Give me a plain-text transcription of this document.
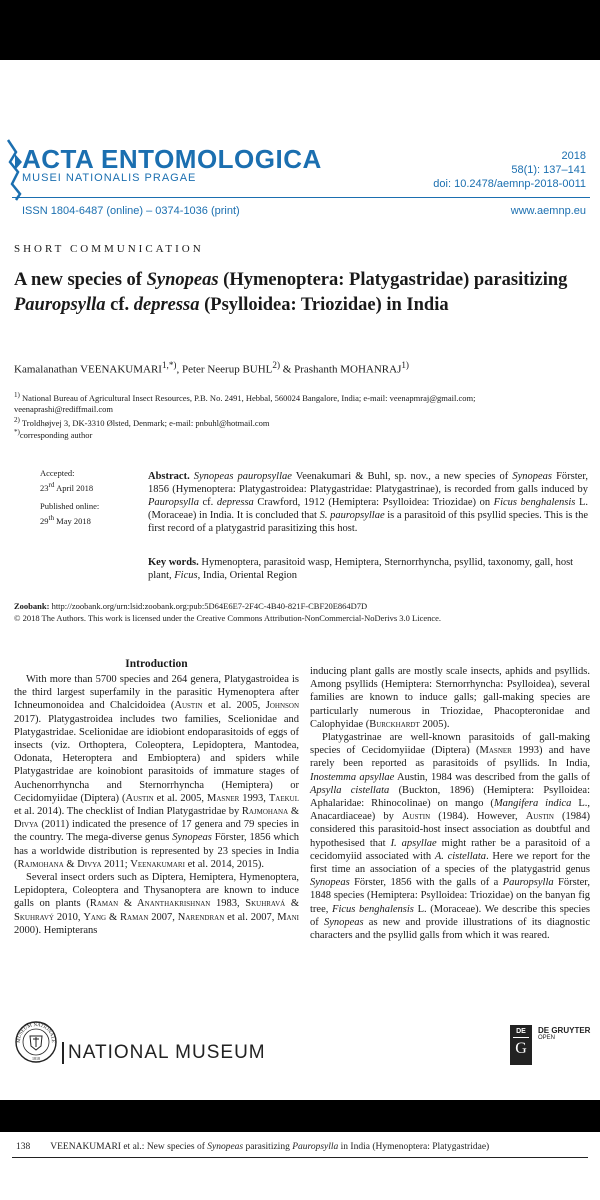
ACTA ENTOMOLOGICA
MUSEI NATIONALIS PRAGAE
2018
58(1): 137–141
doi: 10.2478/aemnp-2018-0011
ISSN 1804-6487 (online) – 0374-1036 (print)	www.aemnp.eu
SHORT COMMUNICATION
A new species of Synopeas (Hymenoptera: Platygastridae) parasitizing Pauropsylla cf. depressa (Psylloidea: Triozidae) in India
Kamalanathan $VEENAKUMARI^{1,*)}$, Peter Neerup BUHL$^{2)}$ & Prashanth MOHANRAJ$^{1)}$
$^{1)}$ National Bureau of Agricultural Insect Resources, P.B. No. 2491, Hebbal, 560024 Bangalore, India; e-mail: veenapmraj@gmail.com; veenaprashi@rediffmail.com
$^{2)}$ Troldhøjvej 3, DK-3310 Ølsted, Denmark; e-mail: pnbuhl@hotmail.com
*)corresponding author
Accepted:
23rd April 2018
Published online:
29th May 2018
Abstract. Synopeas pauropsyllae Veenakumari & Buhl, sp. nov., a new species of Synopeas Förster, 1856 (Hymenoptera: Platygastroidea: Platygastridae: Platygastrinae), is recorded from galls induced by Pauropsylla cf. depressa Crawford, 1912 (Hemiptera: Psylloidea: Triozidae) on Ficus benghalensis L. (Moraceae) in India. It is concluded that S. pauropsyllae is a parasitoid of this psyllid species. This is the first record of a platygastrid parasitizing this host.
Key words. Hymenoptera, parasitoid wasp, Hemiptera, Sternorrhyncha, psyllid, taxonomy, gall, host plant, Ficus, India, Oriental Region
Zoobank: http://zoobank.org/urn:lsid:zoobank.org:pub:5D64E6E7-2F4C-4B40-821F-CBF20E864D7D
© 2018 The Authors. This work is licensed under the Creative Commons Attribution-NonCommercial-NoDerivs 3.0 Licence.
Introduction

With more than 5700 species and 264 genera, Platygastroidea is the third largest superfamily in the parasitic Hymenoptera after Ichneumonoidea and Chalcidoidea (Austin et al. 2005, Johnson 2017). Platygastroidea includes two families, Scelionidae and Platygastridae. Scelionidae are idiobiont endoparasitoids of eggs of insects (viz. Orthoptera, Coleoptera, Lepidoptera, Mantodea, Odonata, Heteroptera and Embioptera) and spiders while Platygastridae are koinobiont parasitoids of immature stages of Auchenorrhyncha and Sternorrhyncha (Hemiptera) or Cecidomyiidae (Diptera) (Austin et al. 2005, Masner 1993, Taekul et al. 2014). The checklist of Indian Platygastridae by Rajmohana & Divya (2011) indicated the presence of 17 genera and 79 species in the country. The mega-diverse genus Synopeas Förster, 1856 which has a worldwide distribution is represented by 23 species in India (Rajmohana & Divya 2011; Veenakumari et al. 2014, 2015).

Several insect orders such as Diptera, Hemiptera, Hymenoptera, Lepidoptera, Coleoptera and Thysanoptera are known to induce galls on plants (Raman & Ananthakrishnan 1983, Skuhravá & Skuhravý 2010, Yang & Raman 2007, Narendran et al. 2007, Mani 2000). Hemipterans

inducing plant galls are mostly scale insects, aphids and psyllids. Among psyllids (Hemiptera: Sternorrhyncha: Psylloidea), several families are known to induce galls; gall-making species are particularly numerous in Triozidae, Phacopteronidae and Calophyidae (Burckhardt 2005).

Platygastrinae are well-known parasitoids of gall-making species of Cecidomyiidae (Diptera) (Masner 1993) and have rarely been reported as parasitoids of psyllids. In India, Inostemma apsyllae Austin, 1984 was described from the galls of Apsylla cistellata (Buckton, 1896) (Hemiptera: Psylloidea: Aphalaridae: Rhinocolinae) on mango (Mangifera indica L., Anacardiaceae) by Austin (1984). However, Austin (1984) considered this parasitoid-host insect association as doubtful and hypothesised that I. apsyllae might rather be a parasitoid of a cecidomyiid associated with A. cistellata. Here we report for the first time an association of a species of the platygastrid genus Synopeas Förster, 1856 with the galls of a Pauropsylla Förster, 1848 species (Hemiptera: Psylloidea: Triozidae) on the banyan fig tree, Ficus benghalensis L. (Moraceae). We describe this species of Synopeas as new and provide illustrations of its diagnostic characters and the psyllid galls from which it was reared.

MUSEUM NATIONALE
1818 NATIONAL MUSEUM
DE
G
DE GRUYTER
OPEN
138 VEENAKUMARI et al.: New species of Synopeas parasitizing Pauropsylla in India (Hymenoptera: Platygastridae)
